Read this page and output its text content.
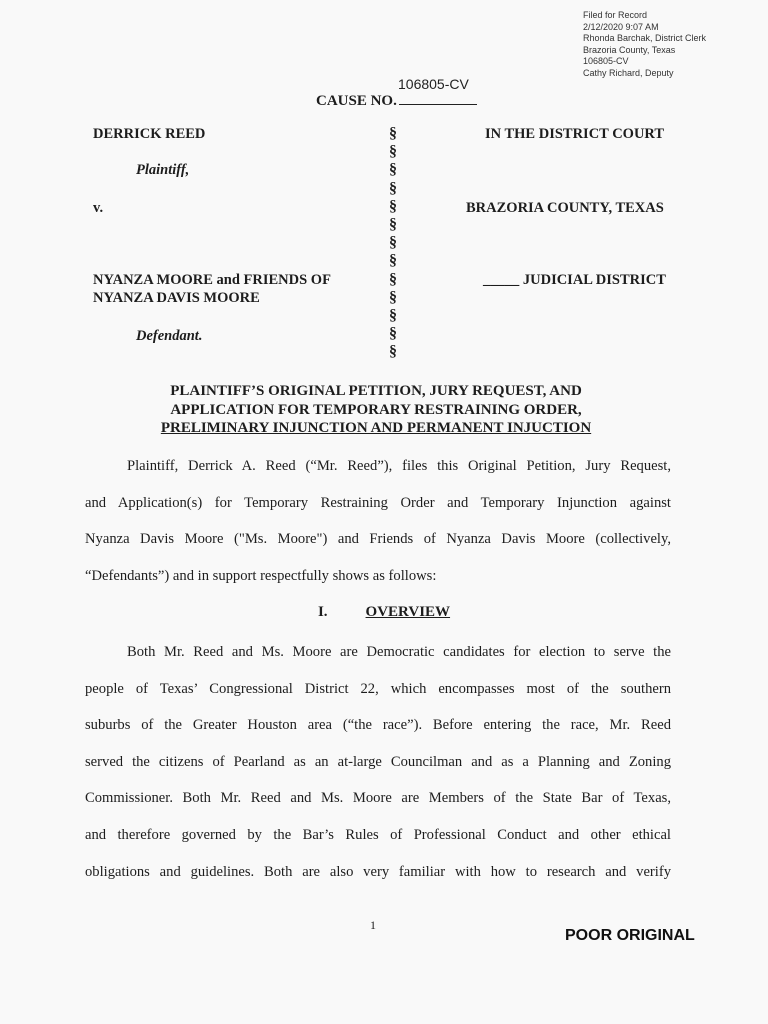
Filed for Record
2/12/2020 9:07 AM
Rhonda Barchak, District Clerk
Brazoria County, Texas
106805-CV
Cathy Richard, Deputy
106805-CV
CAUSE NO.
DERRICK REED
Plaintiff,
v.
NYANZA MOORE and FRIENDS OF
NYANZA DAVIS MOORE
Defendant.
§
§
§
§
§
§
§
§
§
§
§
§
§
IN THE DISTRICT COURT
BRAZORIA COUNTY, TEXAS
_____ JUDICIAL DISTRICT
PLAINTIFF’S ORIGINAL PETITION, JURY REQUEST, AND
APPLICATION FOR TEMPORARY RESTRAINING ORDER,
PRELIMINARY INJUNCTION AND PERMANENT INJUCTION
Plaintiff, Derrick A. Reed (“Mr. Reed”), files this Original Petition, Jury Request,
and Application(s) for Temporary Restraining Order and Temporary Injunction against
Nyanza Davis Moore ("Ms. Moore") and Friends of Nyanza Davis Moore (collectively,
“Defendants”) and in support respectfully shows as follows:
I.	OVERVIEW
Both Mr. Reed and Ms. Moore are Democratic candidates for election to serve the
people of Texas’ Congressional District 22, which encompasses most of the southern
suburbs of the Greater Houston area (“the race”). Before entering the race, Mr. Reed
served the citizens of Pearland as an at-large Councilman and as a Planning and Zoning
Commissioner. Both Mr. Reed and Ms. Moore are Members of the State Bar of Texas,
and therefore governed by the Bar’s Rules of Professional Conduct and other ethical
obligations and guidelines. Both are also very familiar with how to research and verify
1
POOR ORIGINAL
